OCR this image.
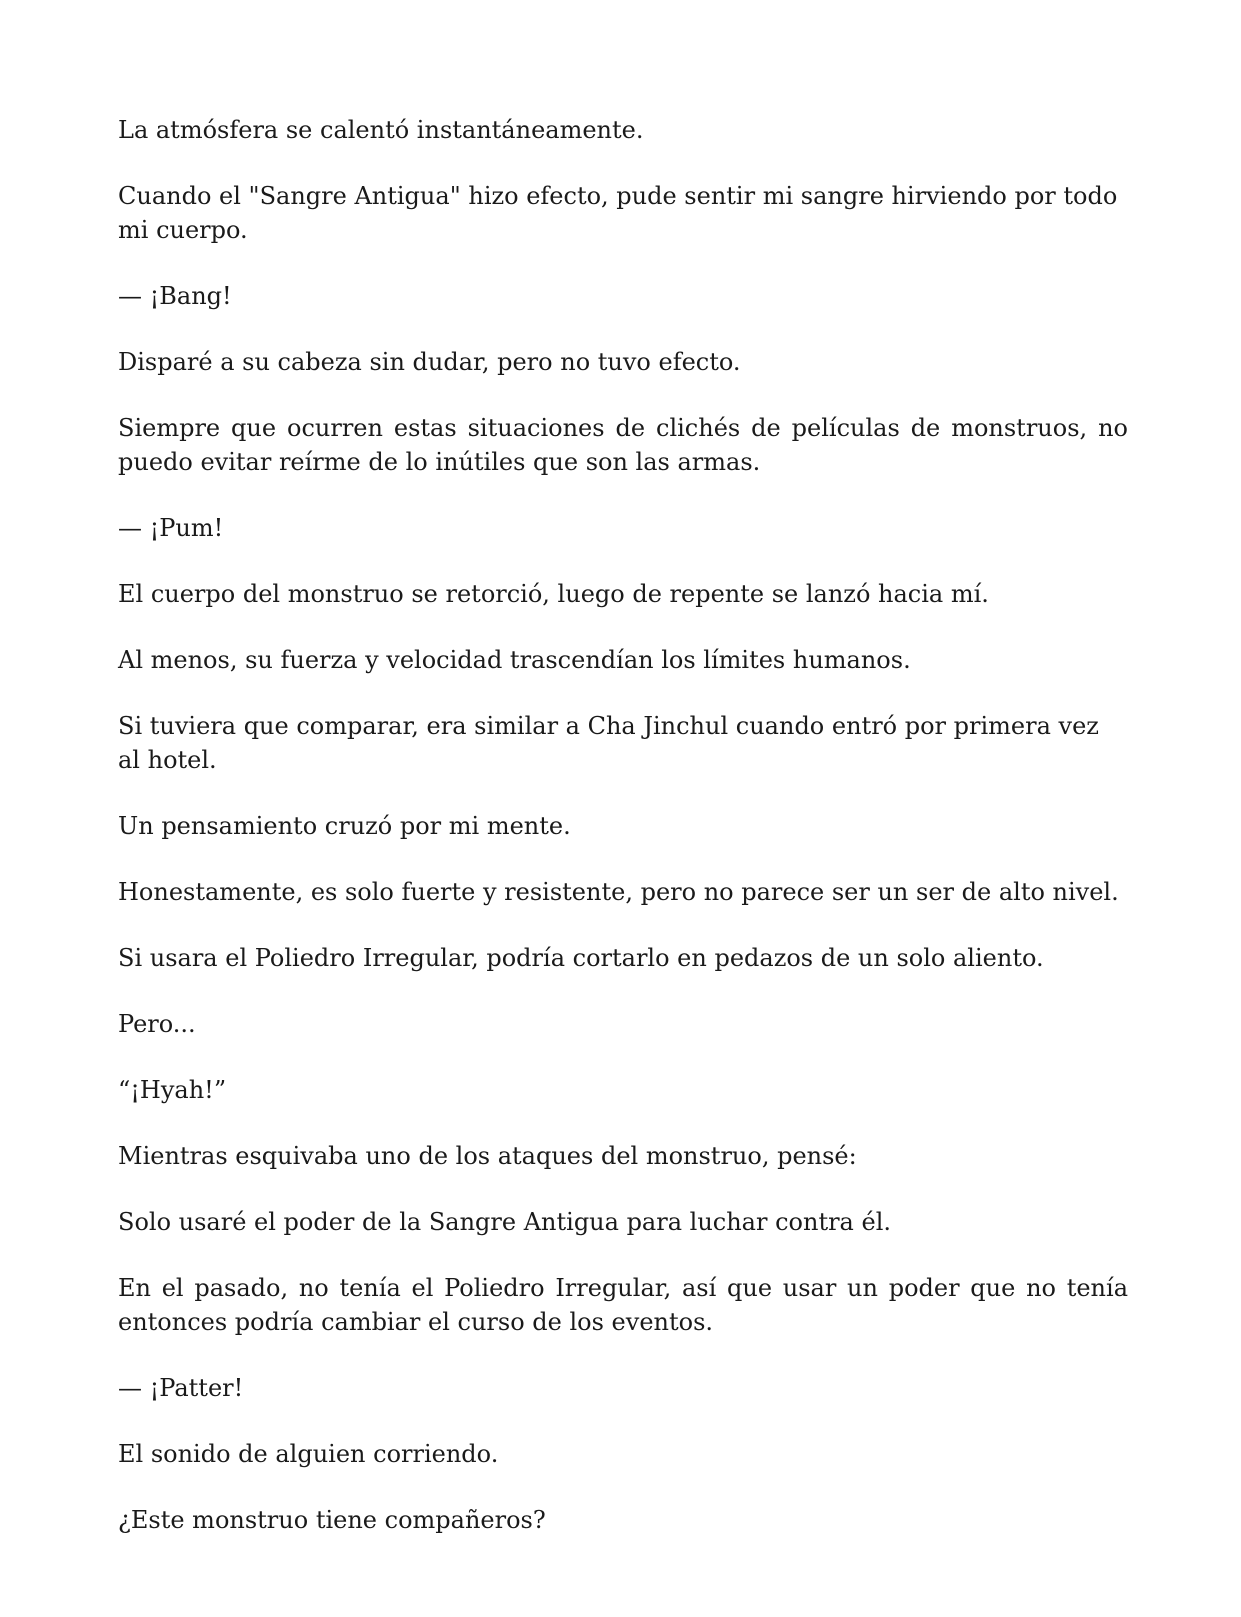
La atmósfera se calentó instantáneamente.

Cuando el "Sangre Antigua" hizo efecto, pude sentir mi sangre hirviendo por todo mi cuerpo.

— ¡Bang!

Disparé a su cabeza sin dudar, pero no tuvo efecto.

Siempre que ocurren estas situaciones de clichés de películas de monstruos, no puedo evitar reírme de lo inútiles que son las armas.

— ¡Pum!

El cuerpo del monstruo se retorció, luego de repente se lanzó hacia mí.

Al menos, su fuerza y velocidad trascendían los límites humanos.

Si tuviera que comparar, era similar a Cha Jinchul cuando entró por primera vez al hotel.

Un pensamiento cruzó por mi mente.

Honestamente, es solo fuerte y resistente, pero no parece ser un ser de alto nivel.

Si usara el Poliedro Irregular, podría cortarlo en pedazos de un solo aliento.

Pero...

“¡Hyah!”

Mientras esquivaba uno de los ataques del monstruo, pensé:

Solo usaré el poder de la Sangre Antigua para luchar contra él.

En el pasado, no tenía el Poliedro Irregular, así que usar un poder que no tenía entonces podría cambiar el curso de los eventos.

— ¡Patter!

El sonido de alguien corriendo.

¿Este monstruo tiene compañeros?
